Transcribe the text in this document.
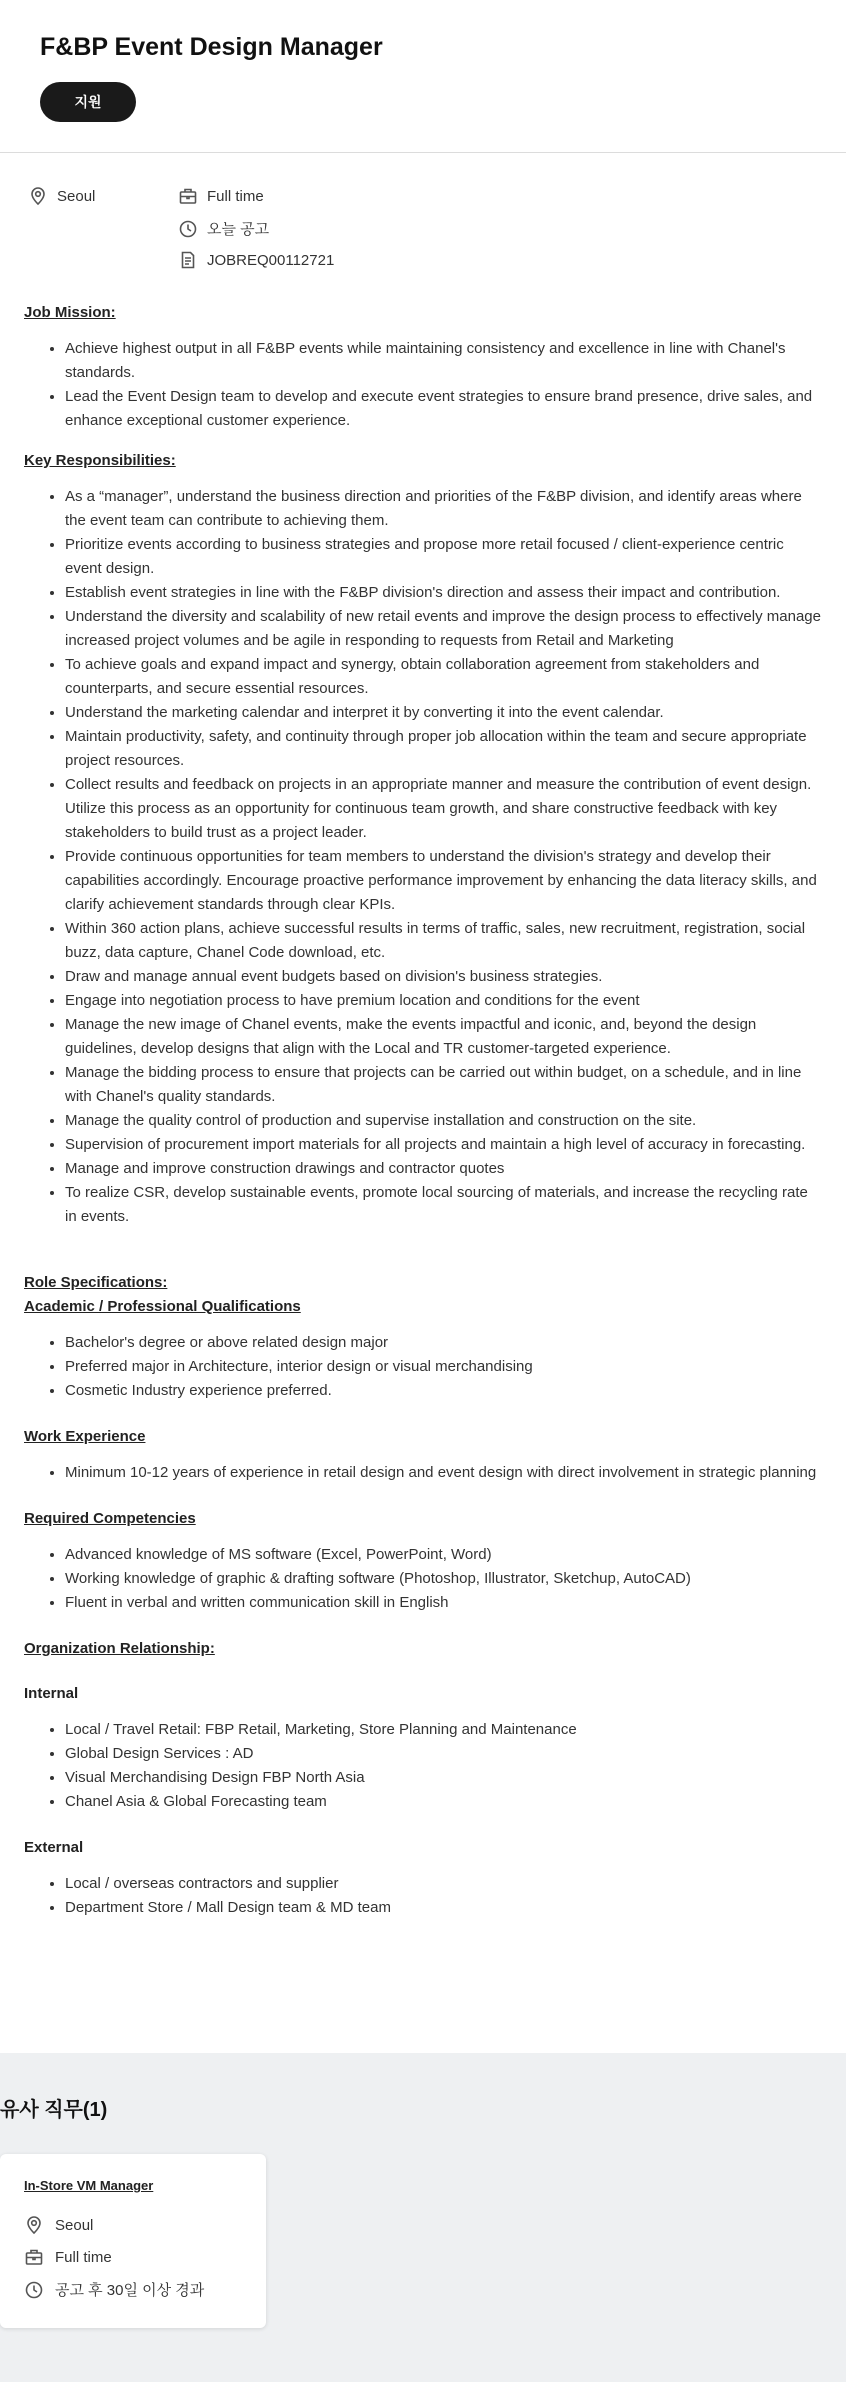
F&BP Event Design Manager
지원
Seoul	Full time
오늘 공고
JOBREQ00112721
Job Mission:
• Achieve highest output in all F&BP events while maintaining consistency and excellence in line with Chanel's standards.
• Lead the Event Design team to develop and execute event strategies to ensure brand presence, drive sales, and enhance exceptional customer experience.
Key Responsibilities:
• As a “manager”, understand the business direction and priorities of the F&BP division, and identify areas where the event team can contribute to achieving them.
• Prioritize events according to business strategies and propose more retail focused / client-experience centric event design.
• Establish event strategies in line with the F&BP division's direction and assess their impact and contribution.
• Understand the diversity and scalability of new retail events and improve the design process to effectively manage increased project volumes and be agile in responding to requests from Retail and Marketing
• To achieve goals and expand impact and synergy, obtain collaboration agreement from stakeholders and counterparts, and secure essential resources.
• Understand the marketing calendar and interpret it by converting it into the event calendar.
• Maintain productivity, safety, and continuity through proper job allocation within the team and secure appropriate project resources.
• Collect results and feedback on projects in an appropriate manner and measure the contribution of event design. Utilize this process as an opportunity for continuous team growth, and share constructive feedback with key stakeholders to build trust as a project leader.
• Provide continuous opportunities for team members to understand the division's strategy and develop their capabilities accordingly. Encourage proactive performance improvement by enhancing the data literacy skills, and clarify achievement standards through clear KPIs.
• Within 360 action plans, achieve successful results in terms of traffic, sales, new recruitment, registration, social buzz, data capture, Chanel Code download, etc.
• Draw and manage annual event budgets based on division's business strategies.
• Engage into negotiation process to have premium location and conditions for the event
• Manage the new image of Chanel events, make the events impactful and iconic, and, beyond the design guidelines, develop designs that align with the Local and TR customer-targeted experience.
• Manage the bidding process to ensure that projects can be carried out within budget, on a schedule, and in line with Chanel's quality standards.
• Manage the quality control of production and supervise installation and construction on the site.
• Supervision of procurement import materials for all projects and maintain a high level of accuracy in forecasting.
• Manage and improve construction drawings and contractor quotes
• To realize CSR, develop sustainable events, promote local sourcing of materials, and increase the recycling rate in events.
Role Specifications:
Academic / Professional Qualifications
• Bachelor's degree or above related design major
• Preferred major in Architecture, interior design or visual merchandising
• Cosmetic Industry experience preferred.
Work Experience
• Minimum 10-12 years of experience in retail design and event design with direct involvement in strategic planning
Required Competencies
• Advanced knowledge of MS software (Excel, PowerPoint, Word)
• Working knowledge of graphic & drafting software (Photoshop, Illustrator, Sketchup, AutoCAD)
• Fluent in verbal and written communication skill in English
Organization Relationship:
Internal
• Local / Travel Retail: FBP Retail, Marketing, Store Planning and Maintenance
• Global Design Services : AD
• Visual Merchandising Design FBP North Asia
• Chanel Asia & Global Forecasting team
External
• Local / overseas contractors and supplier
• Department Store / Mall Design team & MD team
유사 직무(1)
In-Store VM Manager
Seoul
Full time
공고 후 30일 이상 경과
